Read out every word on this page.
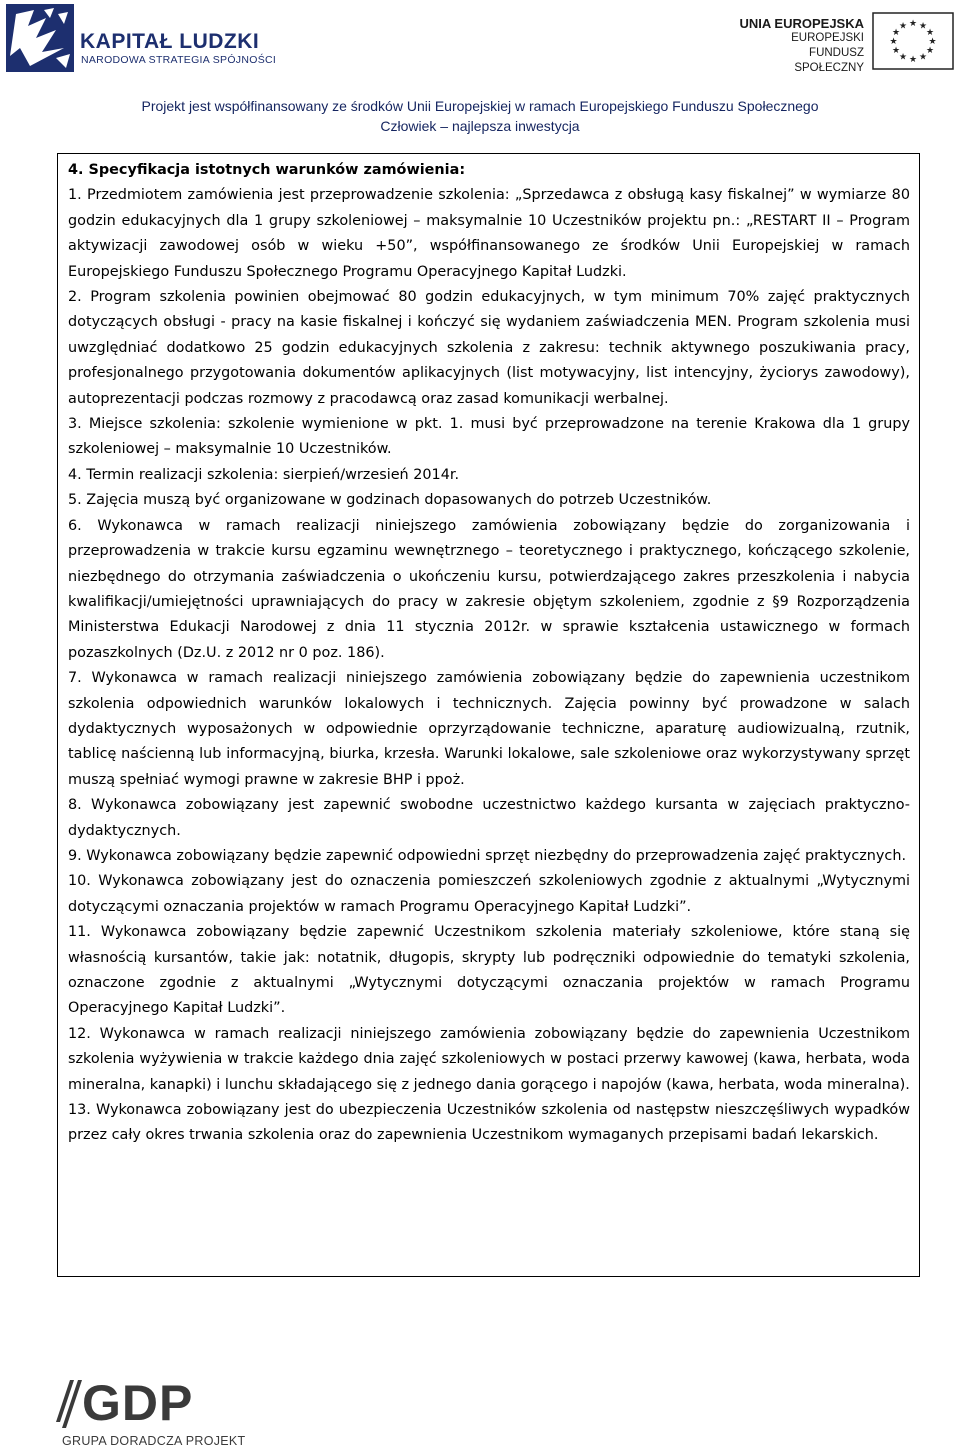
KAPITAŁ LUDZKI
NARODOWA STRATEGIA SPÓJNOŚCI
UNIA EUROPEJSKA
EUROPEJSKI
FUNDUSZ SPOŁECZNY
★ ★
★
★
★
★
★
★
★
★
★
★
Projekt jest współfinansowany ze środków Unii Europejskiej w ramach Europejskiego Funduszu Społecznego
Człowiek – najlepsza inwestycja

4. Specyfikacja istotnych warunków zamówienia:

1. Przedmiotem zamówienia jest przeprowadzenie szkolenia: „Sprzedawca z obsługą kasy fiskalnej” w wymiarze 80 godzin edukacyjnych dla 1 grupy szkoleniowej – maksymalnie 10 Uczestników projektu pn.: „RESTART II – Program aktywizacji zawodowej osób w wieku +50”, współfinansowanego ze środków Unii Europejskiej w ramach Europejskiego Funduszu Społecznego Programu Operacyjnego Kapitał Ludzki.

2. Program szkolenia powinien obejmować 80 godzin edukacyjnych, w tym minimum 70% zajęć praktycznych dotyczących obsługi - pracy na kasie fiskalnej i kończyć się wydaniem zaświadczenia MEN. Program szkolenia musi uwzględniać dodatkowo 25 godzin edukacyjnych szkolenia z zakresu: technik aktywnego poszukiwania pracy, profesjonalnego przygotowania dokumentów aplikacyjnych (list motywacyjny, list intencyjny, życiorys zawodowy), autoprezentacji podczas rozmowy z pracodawcą oraz zasad komunikacji werbalnej.

3. Miejsce szkolenia: szkolenie wymienione w pkt. 1. musi być przeprowadzone na terenie Krakowa dla 1 grupy szkoleniowej – maksymalnie 10 Uczestników.

4. Termin realizacji szkolenia: sierpień/wrzesień 2014r.

5. Zajęcia muszą być organizowane w godzinach dopasowanych do potrzeb Uczestników.

6. Wykonawca w ramach realizacji niniejszego zamówienia zobowiązany będzie do zorganizowania i przeprowadzenia w trakcie kursu egzaminu wewnętrznego – teoretycznego i praktycznego, kończącego szkolenie, niezbędnego do otrzymania zaświadczenia o ukończeniu kursu, potwierdzającego zakres przeszkolenia i nabycia kwalifikacji/umiejętności uprawniających do pracy w zakresie objętym szkoleniem, zgodnie z §9 Rozporządzenia Ministerstwa Edukacji Narodowej z dnia 11 stycznia 2012r. w sprawie kształcenia ustawicznego w formach pozaszkolnych (Dz.U. z 2012 nr 0 poz. 186).

7. Wykonawca w ramach realizacji niniejszego zamówienia zobowiązany będzie do zapewnienia uczestnikom szkolenia odpowiednich warunków lokalowych i technicznych. Zajęcia powinny być prowadzone w salach dydaktycznych wyposażonych w odpowiednie oprzyrządowanie techniczne, aparaturę audiowizualną, rzutnik, tablicę naścienną lub informacyjną, biurka, krzesła. Warunki lokalowe, sale szkoleniowe oraz wykorzystywany sprzęt muszą spełniać wymogi prawne w zakresie BHP i ppoż.

8. Wykonawca zobowiązany jest zapewnić swobodne uczestnictwo każdego kursanta w zajęciach praktyczno-dydaktycznych.

9. Wykonawca zobowiązany będzie zapewnić odpowiedni sprzęt niezbędny do przeprowadzenia zajęć praktycznych.

10. Wykonawca zobowiązany jest do oznaczenia pomieszczeń szkoleniowych zgodnie z aktualnymi „Wytycznymi dotyczącymi oznaczania projektów w ramach Programu Operacyjnego Kapitał Ludzki”.

11. Wykonawca zobowiązany będzie zapewnić Uczestnikom szkolenia materiały szkoleniowe, które staną się własnością kursantów, takie jak: notatnik, długopis, skrypty lub podręczniki odpowiednie do tematyki szkolenia, oznaczone zgodnie z aktualnymi „Wytycznymi dotyczącymi oznaczania projektów w ramach Programu Operacyjnego Kapitał Ludzki”.

12. Wykonawca w ramach realizacji niniejszego zamówienia zobowiązany będzie do zapewnienia Uczestnikom szkolenia wyżywienia w trakcie każdego dnia zajęć szkoleniowych w postaci przerwy kawowej (kawa, herbata, woda mineralna, kanapki) i lunchu składającego się z jednego dania gorącego i napojów (kawa, herbata, woda mineralna).

13. Wykonawca zobowiązany jest do ubezpieczenia Uczestników szkolenia od następstw nieszczęśliwych wypadków przez cały okres trwania szkolenia oraz do zapewnienia Uczestnikom wymaganych przepisami badań lekarskich.

GDP
GRUPA DORADCZA PROJEKT
